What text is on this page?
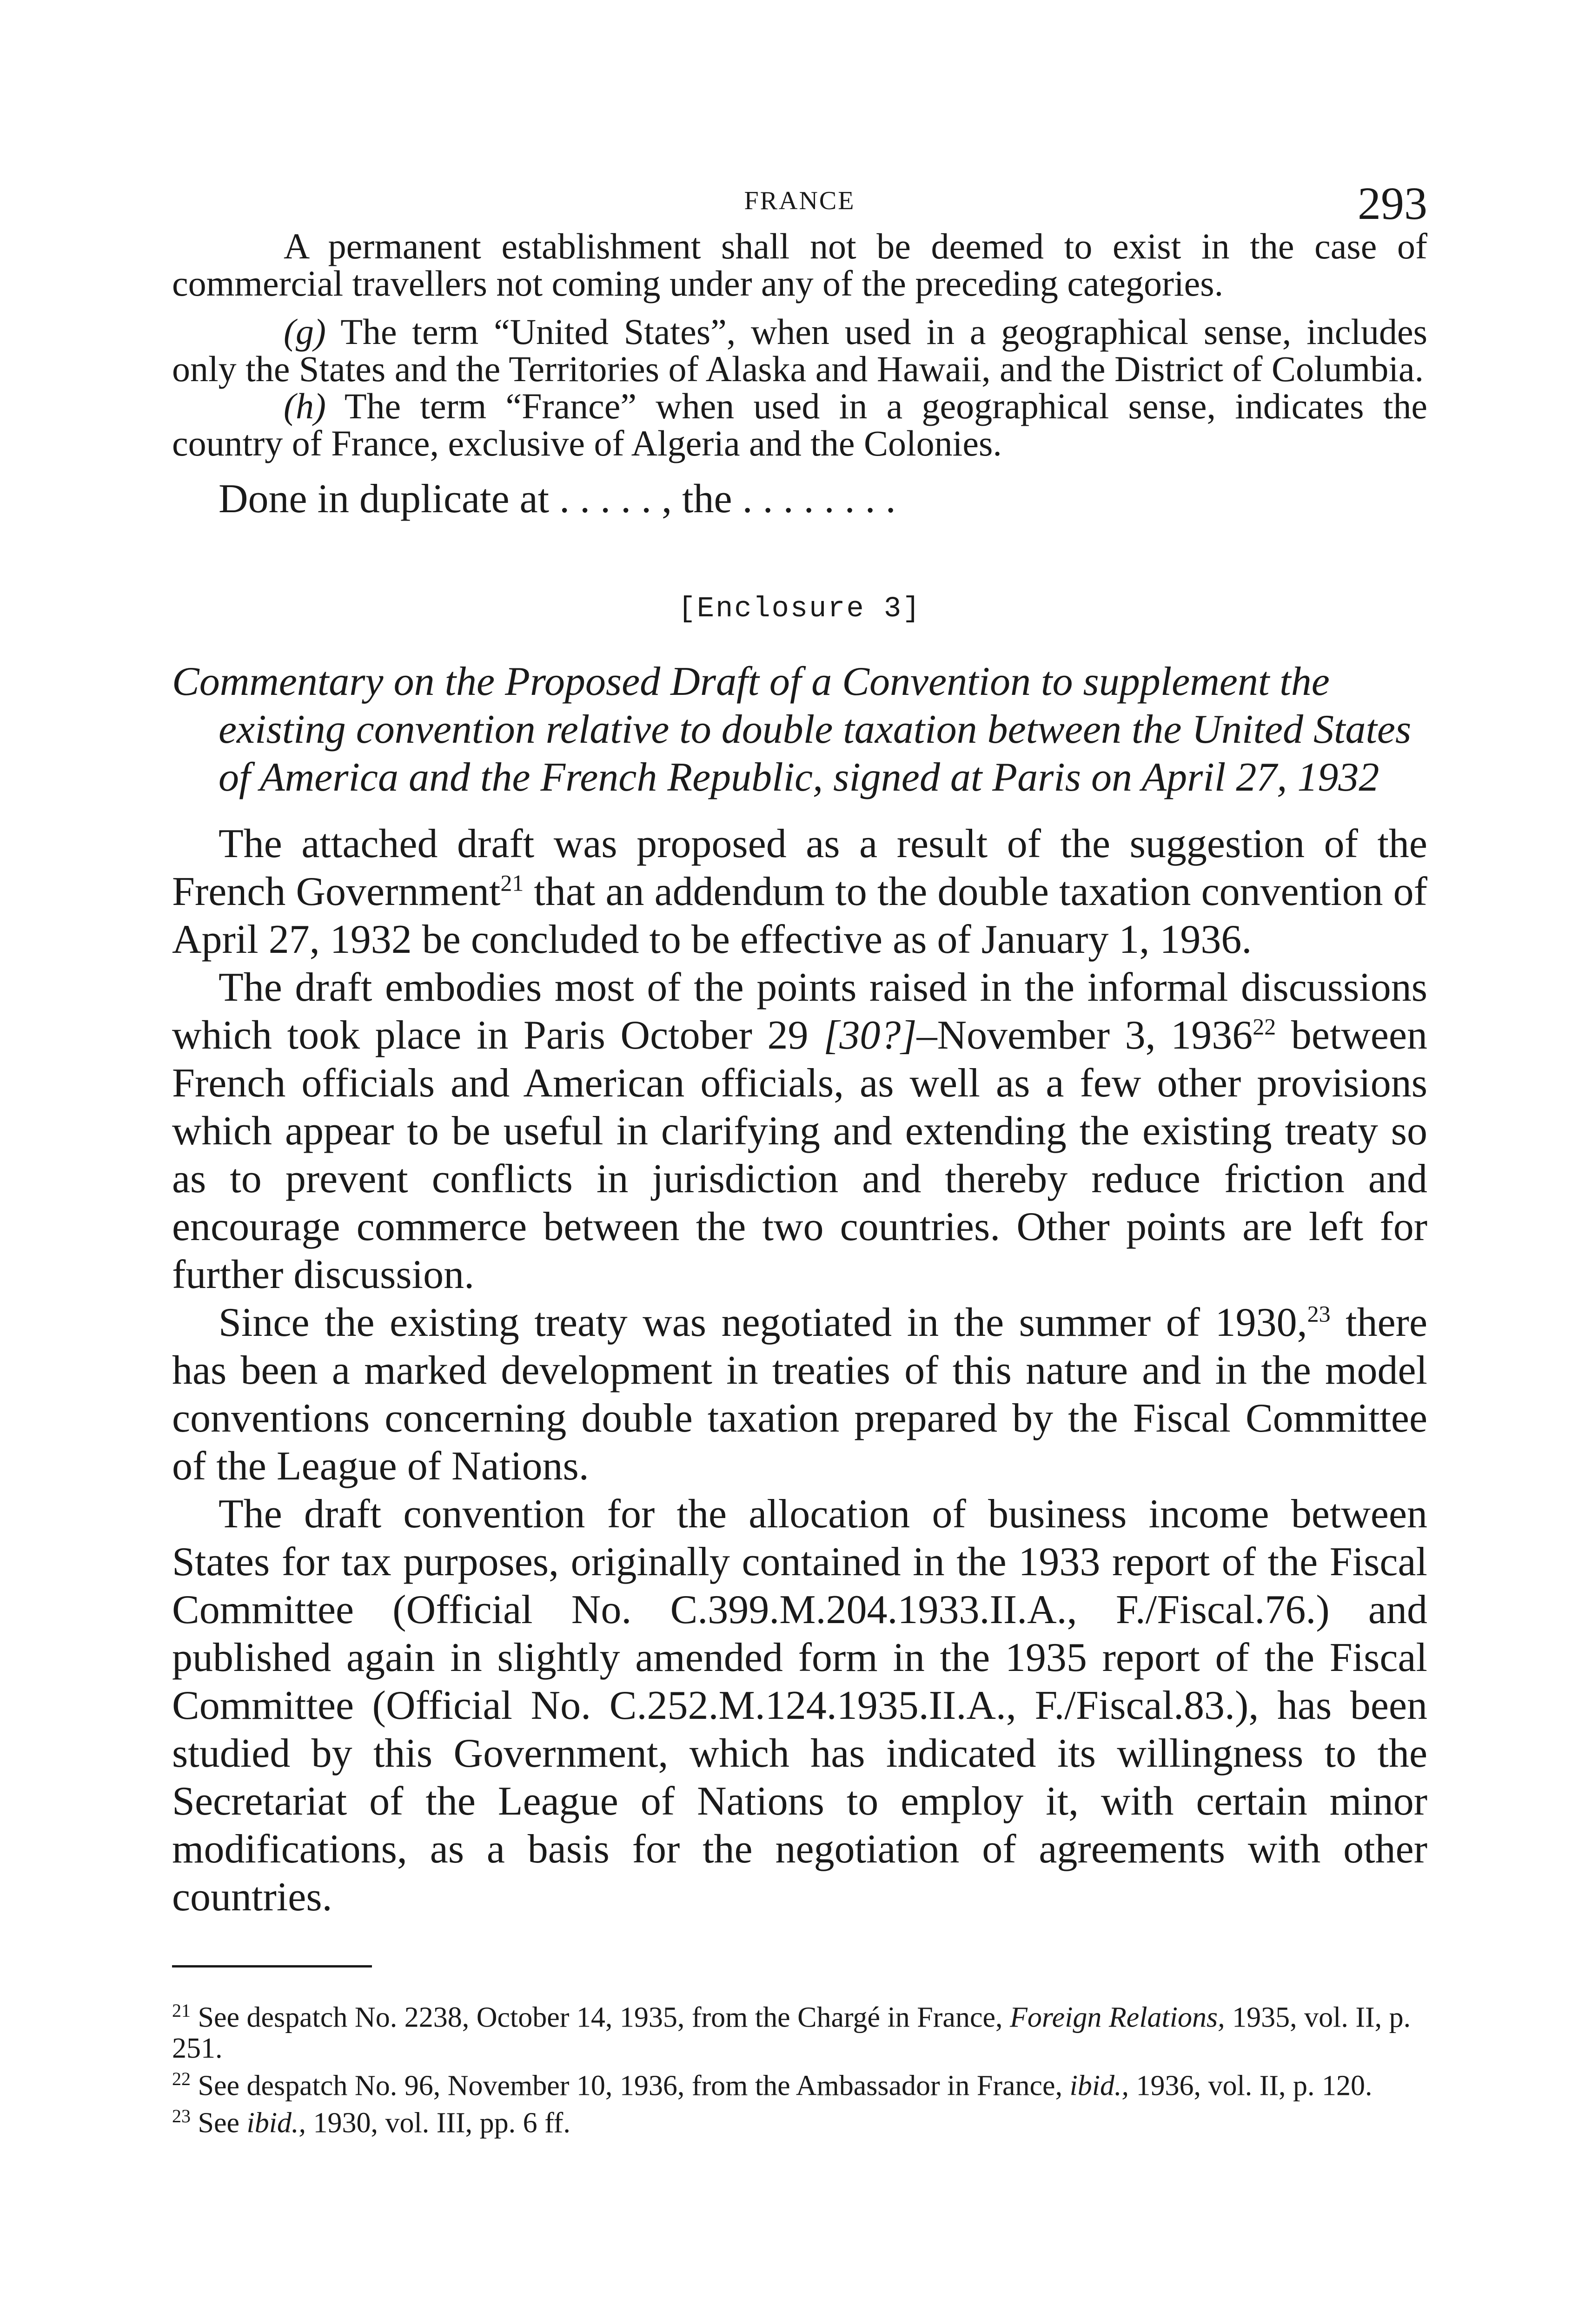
FRANCE	293

A permanent establishment shall not be deemed to exist in the case of commercial travellers not coming under any of the preceding categories.

(g) The term “United States”, when used in a geographical sense, includes only the States and the Territories of Alaska and Hawaii, and the District of Columbia.

(h) The term “France” when used in a geographical sense, indicates the country of France, exclusive of Algeria and the Colonies.

Done in duplicate at . . . . . , the . . . . . . . .

[Enclosure 3]

Commentary on the Proposed Draft of a Convention to supplement the existing convention relative to double taxation between the United States of America and the French Republic, signed at Paris on April 27, 1932

The attached draft was proposed as a result of the suggestion of the French Government$^{21}$ that an addendum to the double taxation convention of April 27, 1932 be concluded to be effective as of January 1, 1936.

The draft embodies most of the points raised in the informal discussions which took place in Paris October 29 [30?]–November 3, 1936$^{22}$ between French officials and American officials, as well as a few other provisions which appear to be useful in clarifying and extending the existing treaty so as to prevent conflicts in jurisdiction and thereby reduce friction and encourage commerce between the two countries. Other points are left for further discussion.

Since the existing treaty was negotiated in the summer of 1930,23 there has been a marked development in treaties of this nature and in the model conventions concerning double taxation prepared by the Fiscal Committee of the League of Nations.

The draft convention for the allocation of business income between States for tax purposes, originally contained in the 1933 report of the Fiscal Committee (Official No. C.399.M.204.1933.II.A., F./Fiscal.76.) and published again in slightly amended form in the 1935 report of the Fiscal Committee (Official No. C.252.M.124.1935.II.A., F./Fiscal.83.), has been studied by this Government, which has indicated its willingness to the Secretariat of the League of Nations to employ it, with certain minor modifications, as a basis for the negotiation of agreements with other countries.

$^{21}$ See despatch No. 2238, October 14, 1935, from the Chargé in France, Foreign Relations, 1935, vol. II, p. 251.

$^{22}$ See despatch No. 96, November 10, 1936, from the Ambassador in France, ibid., 1936, vol. II, p. 120.

$^{23}$ See ibid., 1930, vol. III, pp. 6 ff.
